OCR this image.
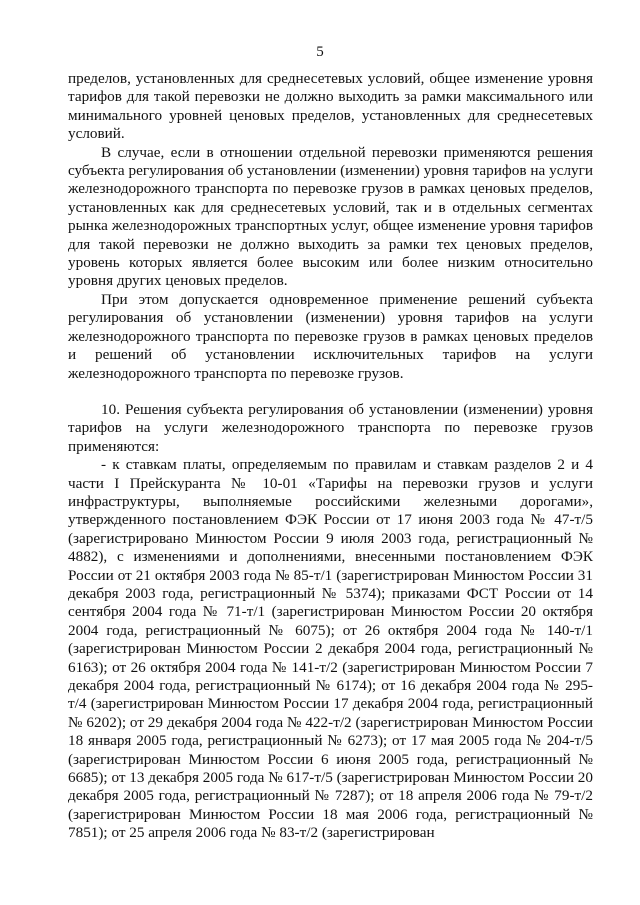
5

пределов, установленных для среднесетевых условий, общее изменение уровня тарифов для такой перевозки не должно выходить за рамки максимального или минимального уровней ценовых пределов, установленных для среднесетевых условий.

В случае, если в отношении отдельной перевозки применяются решения субъекта регулирования об установлении (изменении) уровня тарифов на услуги железнодорожного транспорта по перевозке грузов в рамках ценовых пределов, установленных как для среднесетевых условий, так и в отдельных сегментах рынка железнодорожных транспортных услуг, общее изменение уровня тарифов для такой перевозки не должно выходить за рамки тех ценовых пределов, уровень которых является более высоким или более низким относительно уровня других ценовых пределов.

При этом допускается одновременное применение решений субъекта регулирования об установлении (изменении) уровня тарифов на услуги железнодорожного транспорта по перевозке грузов в рамках ценовых пределов и решений об установлении исключительных тарифов на услуги железнодорожного транспорта по перевозке грузов.

10. Решения субъекта регулирования об установлении (изменении) уровня тарифов на услуги железнодорожного транспорта по перевозке грузов применяются:

- к ставкам платы, определяемым по правилам и ставкам разделов 2 и 4 части I Прейскуранта № 10-01 «Тарифы на перевозки грузов и услуги инфраструктуры, выполняемые российскими железными дорогами», утвержденного постановлением ФЭК России от 17 июня 2003 года № 47-т/5 (зарегистрировано Минюстом России 9 июля 2003 года, регистрационный № 4882), с изменениями и дополнениями, внесенными постановлением ФЭК России от 21 октября 2003 года № 85-т/1 (зарегистрирован Минюстом России 31 декабря 2003 года, регистрационный № 5374); приказами ФСТ России от 14 сентября 2004 года № 71-т/1 (зарегистрирован Минюстом России 20 октября 2004 года, регистрационный № 6075); от 26 октября 2004 года № 140-т/1 (зарегистрирован Минюстом России 2 декабря 2004 года, регистрационный № 6163); от 26 октября 2004 года № 141-т/2 (зарегистрирован Минюстом России 7 декабря 2004 года, регистрационный № 6174); от 16 декабря 2004 года № 295-т/4 (зарегистрирован Минюстом России 17 декабря 2004 года, регистрационный № 6202); от 29 декабря 2004 года № 422-т/2 (зарегистрирован Минюстом России 18 января 2005 года, регистрационный № 6273); от 17 мая 2005 года № 204-т/5 (зарегистрирован Минюстом России 6 июня 2005 года, регистрационный № 6685); от 13 декабря 2005 года № 617-т/5 (зарегистрирован Минюстом России 20 декабря 2005 года, регистрационный № 7287); от 18 апреля 2006 года № 79-т/2 (зарегистрирован Минюстом России 18 мая 2006 года, регистрационный № 7851); от 25 апреля 2006 года № 83-т/2 (зарегистрирован
